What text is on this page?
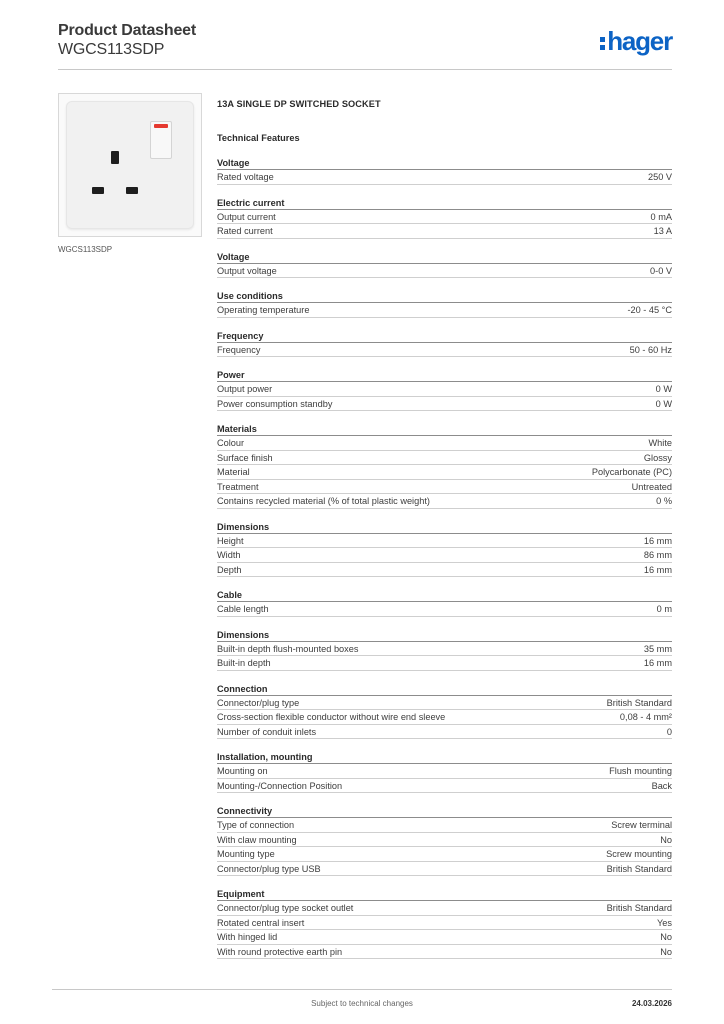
Product Datasheet
WGCS113SDP	hager
WGCS113SDP
13A SINGLE DP SWITCHED SOCKET
Technical Features
Voltage
Rated voltage	250 V
Electric current
Output current	0 mA
Rated current	13 A
Voltage
Output voltage	0-0 V
Use conditions
Operating temperature	-20 - 45 °C
Frequency
Frequency	50 - 60 Hz
Power
Output power	0 W
Power consumption standby	0 W
Materials
Colour	White
Surface finish	Glossy
Material	Polycarbonate (PC)
Treatment	Untreated
Contains recycled material (% of total plastic weight)	0 %
Dimensions
Height	16 mm
Width	86 mm
Depth	16 mm
Cable
Cable length	0 m
Dimensions
Built-in depth flush-mounted boxes	35 mm
Built-in depth	16 mm
Connection
Connector/plug type	British Standard
Cross-section flexible conductor without wire end sleeve	0,08 - 4 mm²
Number of conduit inlets	0
Installation, mounting
Mounting on	Flush mounting
Mounting-/Connection Position	Back
Connectivity
Type of connection	Screw terminal
With claw mounting	No
Mounting type	Screw mounting
Connector/plug type USB	British Standard
Equipment
Connector/plug type socket outlet	British Standard
Rotated central insert	Yes
With hinged lid	No
With round protective earth pin	No
Subject to technical changes	24.03.2026
